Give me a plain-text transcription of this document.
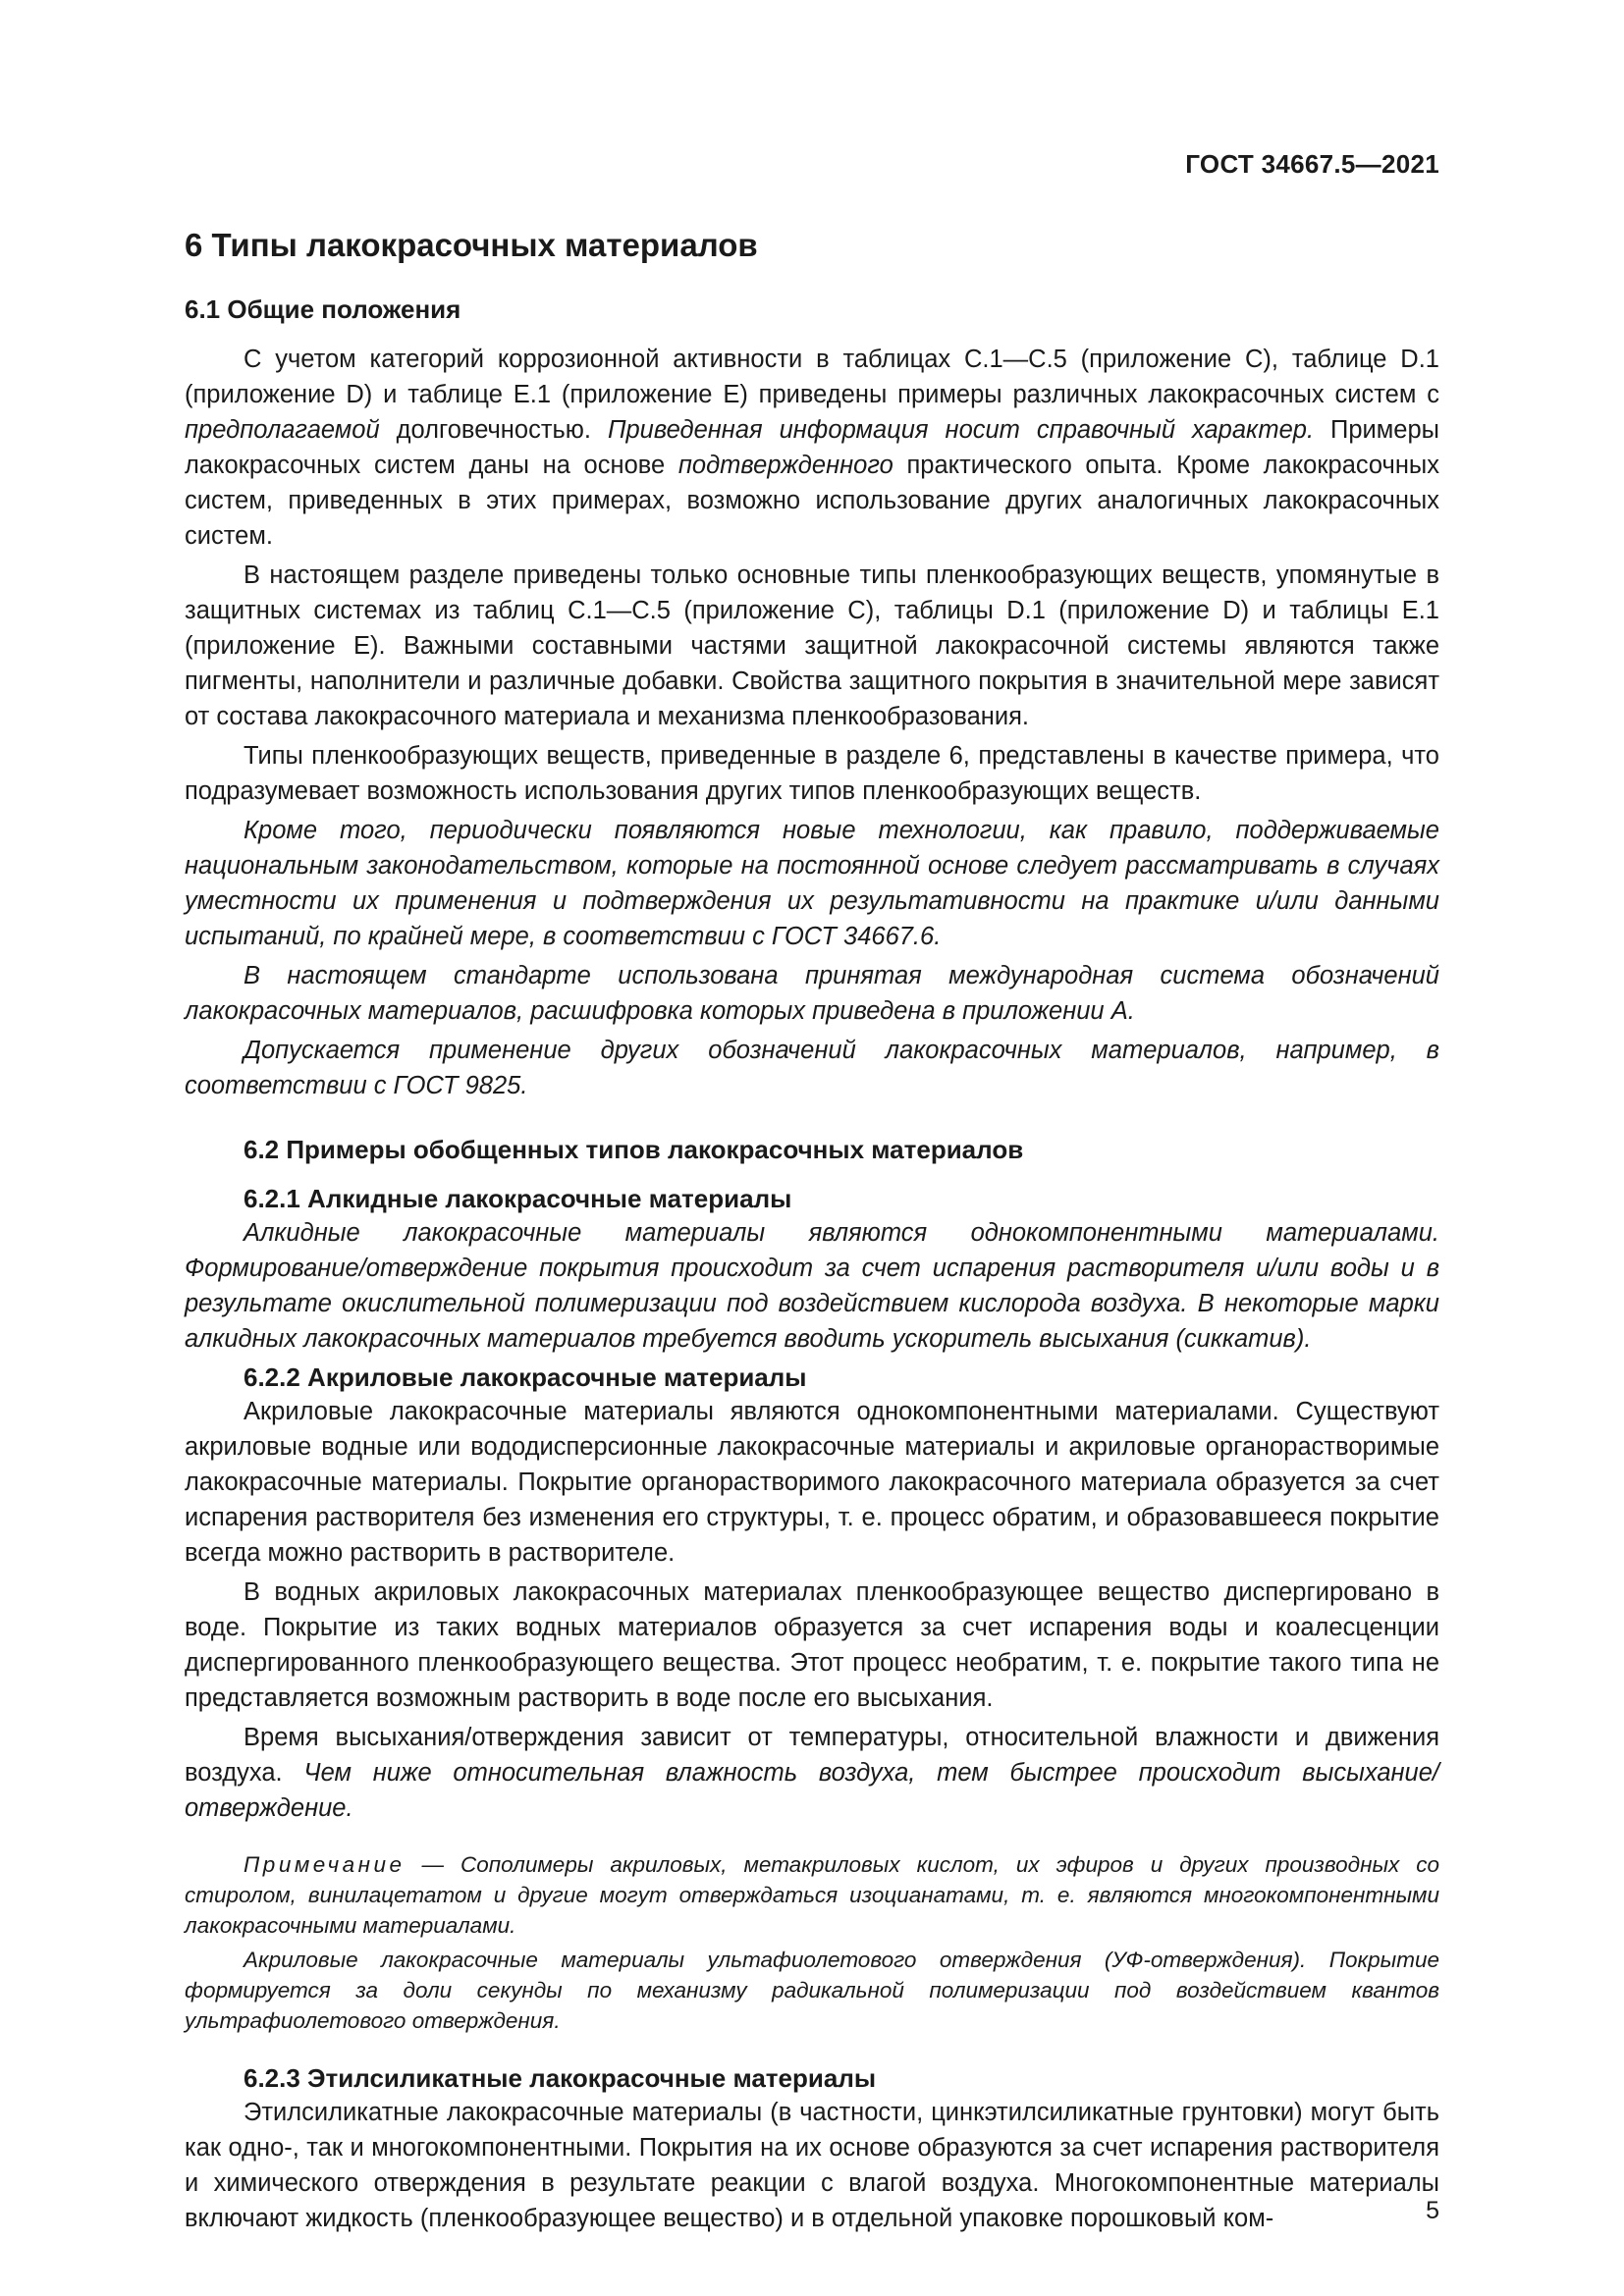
ГОСТ 34667.5—2021
6 Типы лакокрасочных материалов
6.1 Общие положения

С учетом категорий коррозионной активности в таблицах С.1—С.5 (приложение С), таблице D.1 (приложение D) и таблице Е.1 (приложение Е) приведены примеры различных лакокрасочных систем с предполагаемой долговечностью. Приведенная информация носит справочный характер. Примеры лакокрасочных систем даны на основе подтвержденного практического опыта. Кроме лакокрасочных систем, приведенных в этих примерах, возможно использование других аналогичных лакокрасочных систем.

В настоящем разделе приведены только основные типы пленкообразующих веществ, упомянутые в защитных системах из таблиц С.1—С.5 (приложение С), таблицы D.1 (приложение D) и таблицы Е.1 (приложение Е). Важными составными частями защитной лакокрасочной системы являются также пигменты, наполнители и различные добавки. Свойства защитного покрытия в значительной мере зависят от состава лакокрасочного материала и механизма пленкообразования.

Типы пленкообразующих веществ, приведенные в разделе 6, представлены в качестве примера, что подразумевает возможность использования других типов пленкообразующих веществ.

Кроме того, периодически появляются новые технологии, как правило, поддерживаемые национальным законодательством, которые на постоянной основе следует рассматривать в случаях уместности их применения и подтверждения их результативности на практике и/или данными испытаний, по крайней мере, в соответствии с ГОСТ 34667.6.

В настоящем стандарте использована принятая международная система обозначений лакокрасочных материалов, расшифровка которых приведена в приложении А.

Допускается применение других обозначений лакокрасочных материалов, например, в соответствии с ГОСТ 9825.

6.2 Примеры обобщенных типов лакокрасочных материалов
6.2.1 Алкидные лакокрасочные материалы

Алкидные лакокрасочные материалы являются однокомпонентными материалами. Формирование/отверждение покрытия происходит за счет испарения растворителя и/или воды и в результате окислительной полимеризации под воздействием кислорода воздуха. В некоторые марки алкидных лакокрасочных материалов требуется вводить ускоритель высыхания (сиккатив).

6.2.2 Акриловые лакокрасочные материалы

Акриловые лакокрасочные материалы являются однокомпонентными материалами. Существуют акриловые водные или вододисперсионные лакокрасочные материалы и акриловые органорастворимые лакокрасочные материалы. Покрытие органорастворимого лакокрасочного материала образуется за счет испарения растворителя без изменения его структуры, т. е. процесс обратим, и образовавшееся покрытие всегда можно растворить в растворителе.

В водных акриловых лакокрасочных материалах пленкообразующее вещество диспергировано в воде. Покрытие из таких водных материалов образуется за счет испарения воды и коалесценции диспергированного пленкообразующего вещества. Этот процесс необратим, т. е. покрытие такого типа не представляется возможным растворить в воде после его высыхания.

Время высыхания/отверждения зависит от температуры, относительной влажности и движения воздуха. Чем ниже относительная влажность воздуха, тем быстрее происходит высыхание/отверждение.

Примечание — Сополимеры акриловых, метакриловых кислот, их эфиров и других производных со стиролом, винилацетатом и другие могут отверждаться изоцианатами, т. е. являются многокомпонентными лакокрасочными материалами.
Акриловые лакокрасочные материалы ультафиолетового отверждения (УФ-отверждения). Покрытие формируется за доли секунды по механизму радикальной полимеризации под воздействием квантов ультрафиолетового отверждения.
6.2.3 Этилсиликатные лакокрасочные материалы

Этилсиликатные лакокрасочные материалы (в частности, цинкэтилсиликатные грунтовки) могут быть как одно-, так и многокомпонентными. Покрытия на их основе образуются за счет испарения растворителя и химического отверждения в результате реакции с влагой воздуха. Многокомпонентные материалы включают жидкость (пленкообразующее вещество) и в отдельной упаковке порошковый ком-	5
